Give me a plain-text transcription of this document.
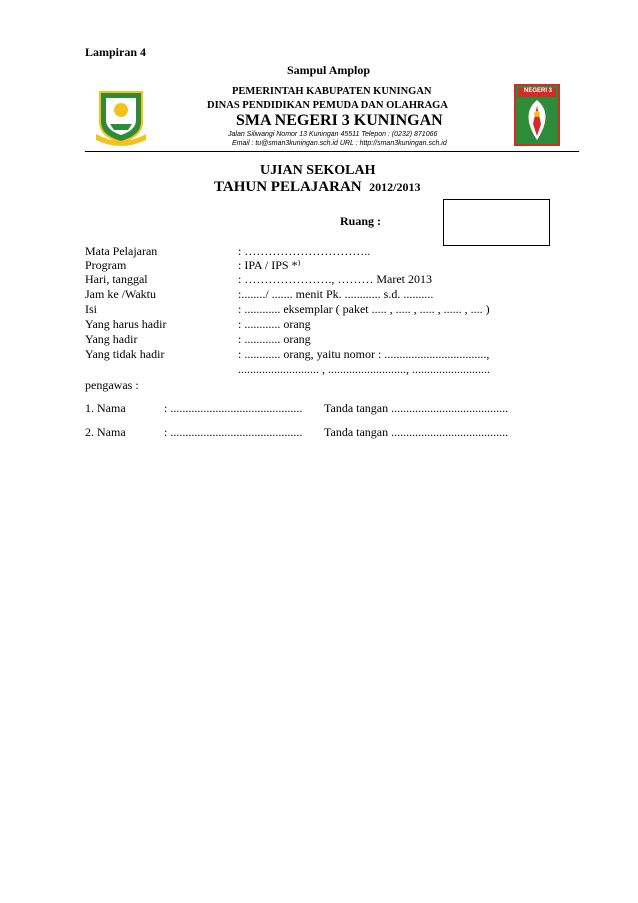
Lampiran 4
Sampul Amplop
PEMERINTAH KABUPATEN KUNINGAN
DINAS PENDIDIKAN PEMUDA DAN OLAHRAGA
SMA NEGERI 3 KUNINGAN
Jalan Siliwangi Nomor 13 Kuningan 45511 Telepon : (0232) 871066
Email : tu@sman3kuningan.sch.id URL : http://sman3kuningan.sch.id
NEGERI 3
UJIAN SEKOLAH
TAHUN PELAJARAN 2012/2013
Ruang :
Mata Pelajaran	: …………………………..
Program	: IPA / IPS *⁾
Hari, tanggal	: …………………., ……… Maret 2013
Jam ke /Waktu	:......../ ....... menit Pk. ............ s.d. ..........
Isi	: ............ eksemplar ( paket ..... , ..... , ..... , ...... , .... )
Yang harus hadir	: ............ orang
Yang hadir	: ............ orang
Yang tidak hadir	: ............ orang, yaitu nomor : ..................................,
........................... , .........................., ..........................
pengawas :
1. Nama	: ............................................ Tanda tangan .......................................
2. Nama	: ............................................ Tanda tangan .......................................
